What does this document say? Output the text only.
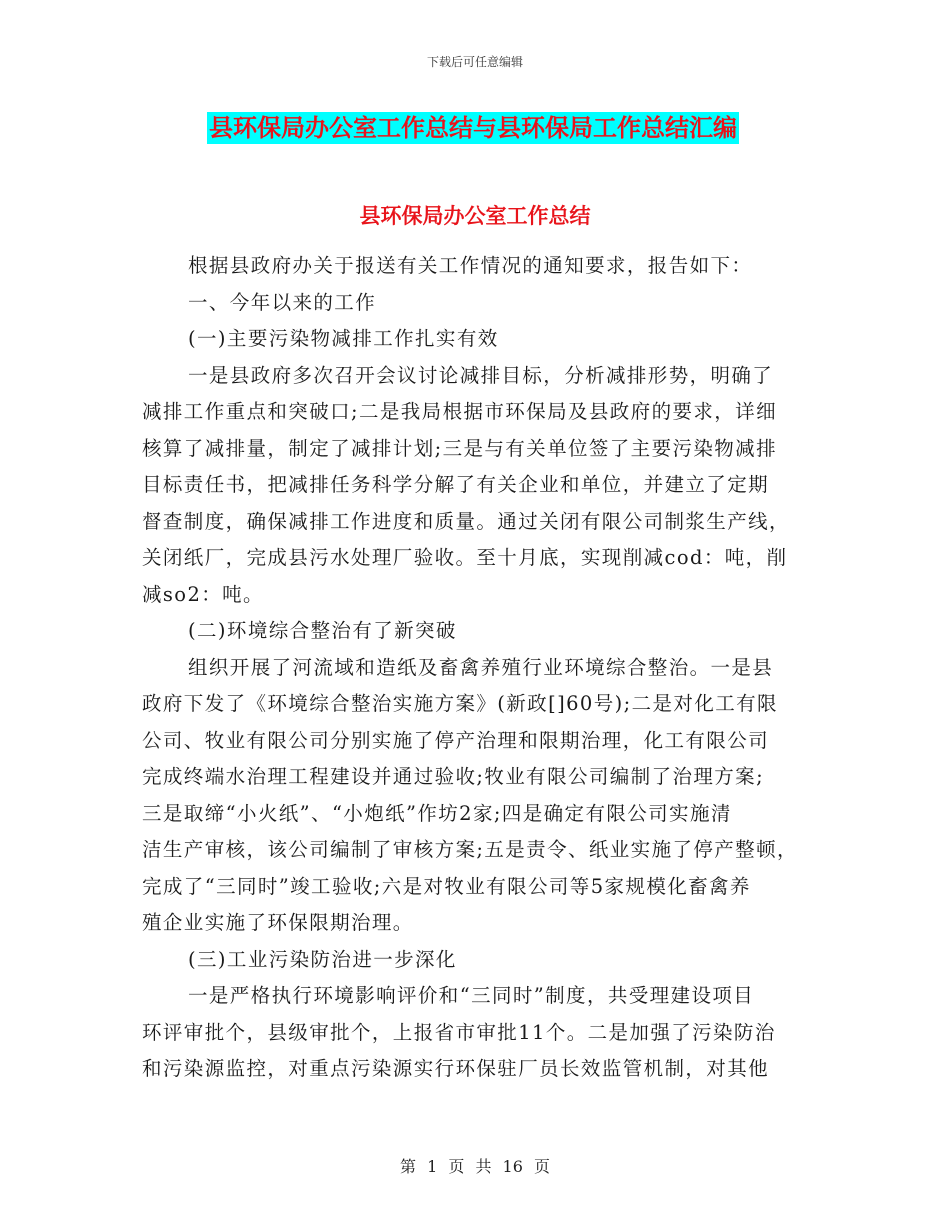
下载后可任意编辑
县环保局办公室工作总结与县环保局工作总结汇编
县环保局办公室工作总结
根据县政府办关于报送有关工作情况的通知要求，报告如下：
一、今年以来的工作
(一)主要污染物减排工作扎实有效
一是县政府多次召开会议讨论减排目标，分析减排形势，明确了
减排工作重点和突破口;二是我局根据市环保局及县政府的要求，详细
核算了减排量，制定了减排计划;三是与有关单位签了主要污染物减排
目标责任书，把减排任务科学分解了有关企业和单位，并建立了定期
督查制度，确保减排工作进度和质量。通过关闭有限公司制浆生产线，
关闭纸厂，完成县污水处理厂验收。至十月底，实现削减cod：吨，削
减so2：吨。
(二)环境综合整治有了新突破
组织开展了河流域和造纸及畜禽养殖行业环境综合整治。一是县
政府下发了《环境综合整治实施方案》(新政[]60号);二是对化工有限
公司、牧业有限公司分别实施了停产治理和限期治理，化工有限公司
完成终端水治理工程建设并通过验收;牧业有限公司编制了治理方案;
三是取缔“小火纸”、“小炮纸”作坊2家;四是确定有限公司实施清
洁生产审核，该公司编制了审核方案;五是责令、纸业实施了停产整顿，
完成了“三同时”竣工验收;六是对牧业有限公司等5家规模化畜禽养
殖企业实施了环保限期治理。
(三)工业污染防治进一步深化
一是严格执行环境影响评价和“三同时”制度，共受理建设项目
环评审批个，县级审批个，上报省市审批11个。二是加强了污染防治
和污染源监控，对重点污染源实行环保驻厂员长效监管机制，对其他
第 1 页 共 16 页
